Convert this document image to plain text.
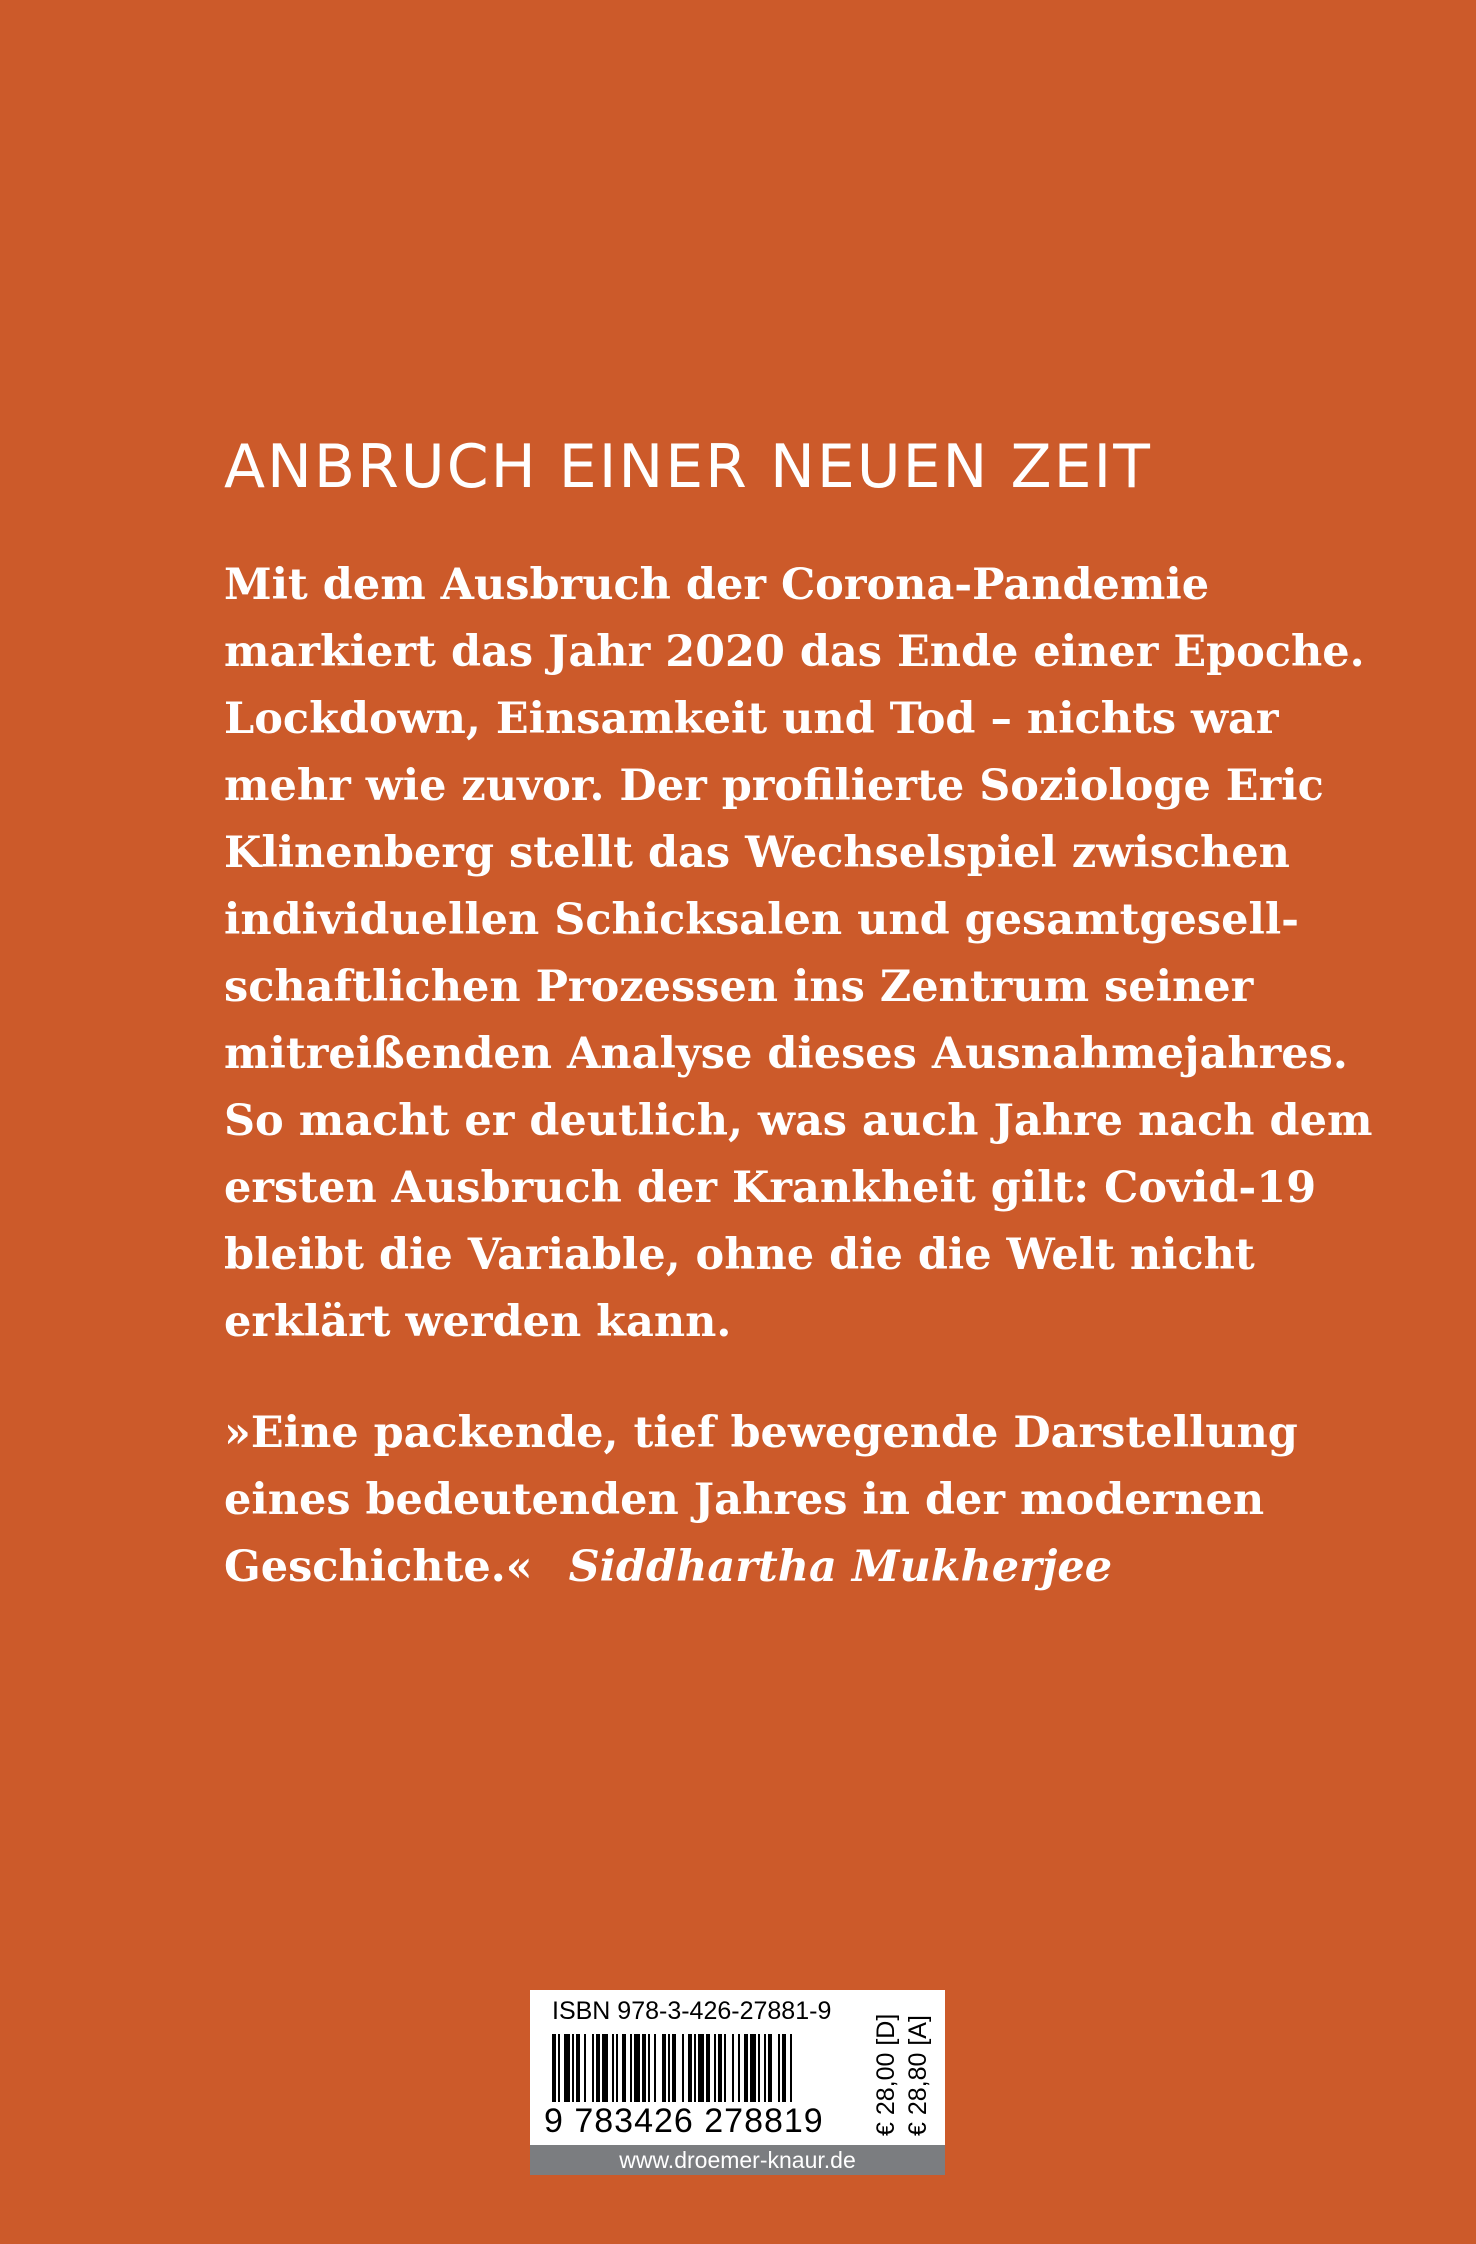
ANBRUCH EINER NEUEN ZEIT

Mit dem Ausbruch der Corona-Pandemie
markiert das Jahr 2020 das Ende einer Epoche.
Lockdown, Einsamkeit und Tod – nichts war
mehr wie zuvor. Der profilierte Soziologe Eric
Klinenberg stellt das Wechselspiel zwischen
individuellen Schicksalen und gesamtgesell-
schaftlichen Prozessen ins Zentrum seiner
mitreißenden Analyse dieses Ausnahmejahres.
So macht er deutlich, was auch Jahre nach dem
ersten Ausbruch der Krankheit gilt: Covid-19
bleibt die Variable, ohne die die Welt nicht
erklärt werden kann.

»Eine packende, tief bewegende Darstellung
eines bedeutenden Jahres in der modernen
Geschichte.« Siddhartha Mukherjee

ISBN 978-3-426-27881-9
9 783426 278819 € 28,00 [D] € 28,80 [A]
www.droemer-knaur.de
